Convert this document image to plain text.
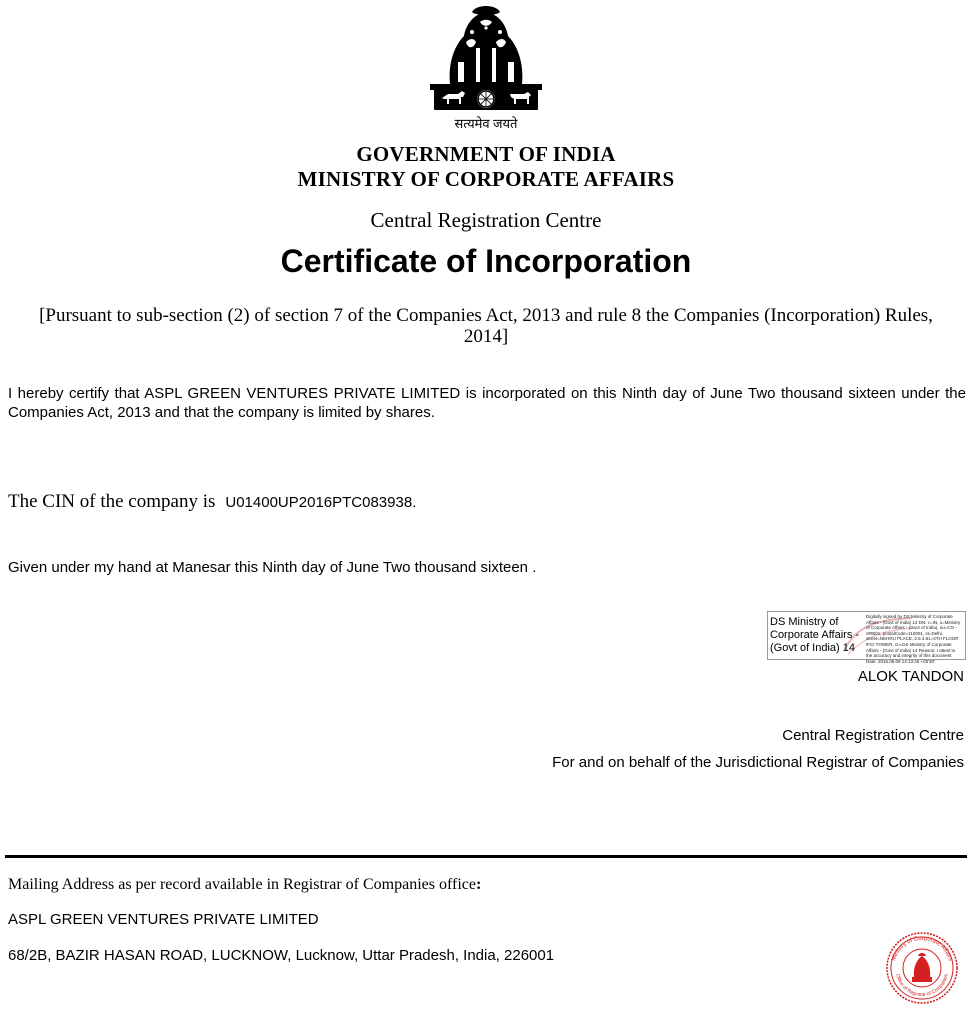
सत्यमेव जयते
GOVERNMENT OF INDIA
MINISTRY OF CORPORATE AFFAIRS
Central Registration Centre
Certificate of Incorporation
[Pursuant to sub-section (2) of section 7 of the Companies Act, 2013 and rule 8 the Companies (Incorporation) Rules, 2014]
I hereby certify that ASPL GREEN VENTURES PRIVATE LIMITED is incorporated on this Ninth day of June Two thousand sixteen under the Companies Act, 2013 and that the company is limited by shares.
The CIN of the company is U01400UP2016PTC083938.
Given under my hand at Manesar this Ninth day of June Two thousand sixteen .
DS Ministry of
Corporate Affairs -
(Govt of India) 14
Digitally signed by DS Ministry of Corporate Affairs - (Govt of India) 14 DN: c=IN, o=Ministry of Corporate Affairs - (Govt of India), ou=CO - SRB01, postalCode=110001, st=Delhi, street=NEHRU PLACE, 2.5.4.51=4TH FLOOR IFCI TOWER, cn=DS Ministry of Corporate Affairs - (Govt of India) 14 Reason: I attest to the accuracy and integrity of this document Date: 2016.06.09 14:13:45 +05'30'
ALOK TANDON
Central Registration Centre
For and on behalf of the Jurisdictional Registrar of Companies
Mailing Address as per record available in Registrar of Companies office:
ASPL GREEN VENTURES PRIVATE LIMITED
68/2B, BAZIR HASAN ROAD, LUCKNOW, Lucknow, Uttar Pradesh, India, 226001	Ministry of Corporate Affairs
Office of Registrar of Companies
